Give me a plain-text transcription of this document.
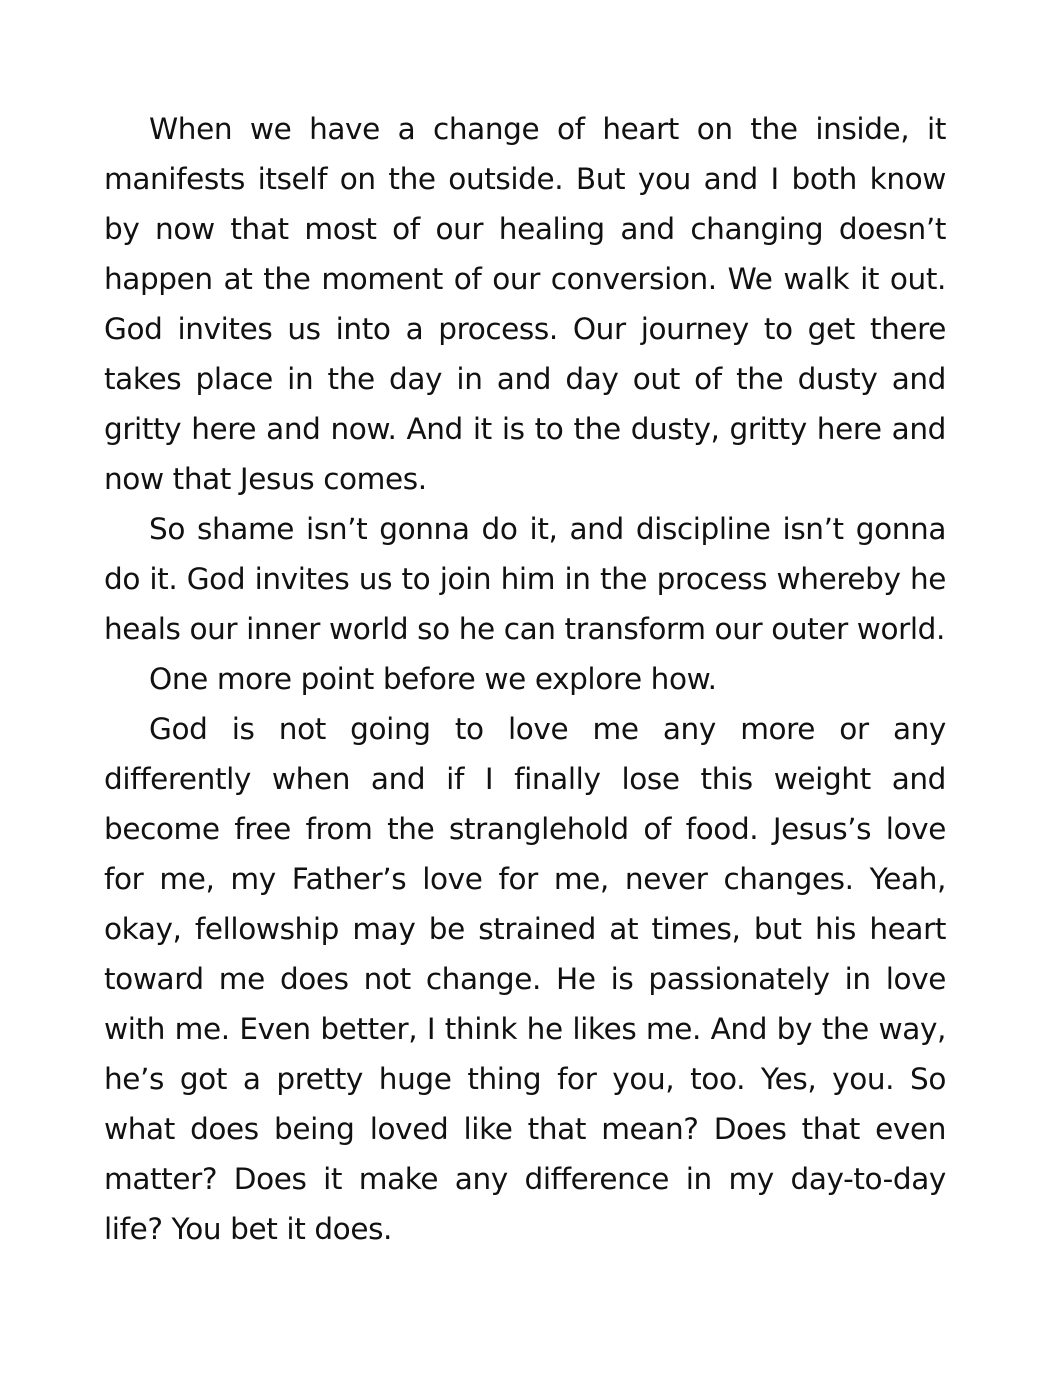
When we have a change of heart on the inside, it manifests itself on the outside. But you and I both know by now that most of our healing and changing doesn’t happen at the moment of our conversion. We walk it out. God invites us into a process. Our journey to get there takes place in the day in and day out of the dusty and gritty here and now. And it is to the dusty, gritty here and now that Jesus comes.

So shame isn’t gonna do it, and discipline isn’t gonna do it. God invites us to join him in the process whereby he heals our inner world so he can transform our outer world.

One more point before we explore how.

God is not going to love me any more or any differently when and if I finally lose this weight and become free from the stranglehold of food. Jesus’s love for me, my Father’s love for me, never changes. Yeah, okay, fellowship may be strained at times, but his heart toward me does not change. He is passionately in love with me. Even better, I think he likes me. And by the way, he’s got a pretty huge thing for you, too. Yes, you. So what does being loved like that mean? Does that even matter? Does it make any difference in my day-to-day life? You bet it does.
